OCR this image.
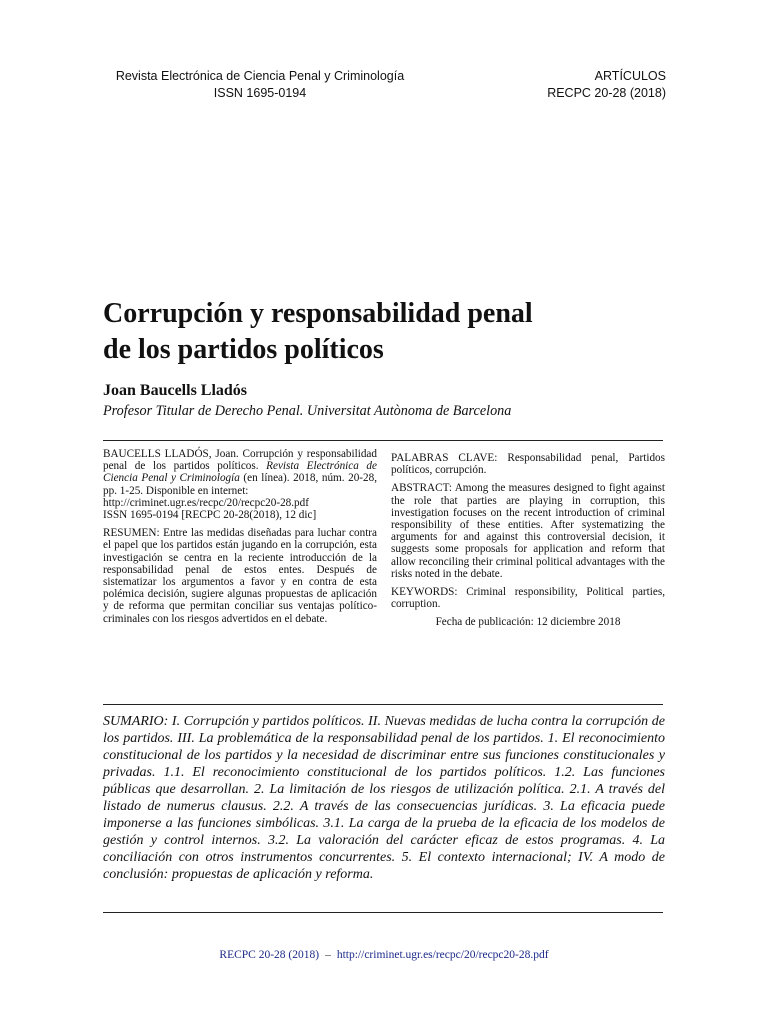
Revista Electrónica de Ciencia Penal y Criminología
ISSN 1695-0194
ARTÍCULOS
RECPC 20-28 (2018)
Corrupción y responsabilidad penal
de los partidos políticos

Joan Baucells Lladós

Profesor Titular de Derecho Penal. Universitat Autònoma de Barcelona

BAUCELLS LLADÓS, Joan. Corrupción y responsabilidad penal de los partidos políticos. Revista Electrónica de Ciencia Penal y Criminología (en línea). 2018, núm. 20-28, pp. 1-25. Disponible en internet:

http://criminet.ugr.es/recpc/20/recpc20-28.pdf

ISSN 1695-0194 [RECPC 20-28(2018), 12 dic]

RESUMEN: Entre las medidas diseñadas para luchar contra el papel que los partidos están jugando en la corrupción, esta investigación se centra en la reciente introducción de la responsabilidad penal de estos entes. Después de sistematizar los argumentos a favor y en contra de esta polémica decisión, sugiere algunas propuestas de aplicación y de reforma que permitan conciliar sus ventajas político-criminales con los riesgos advertidos en el debate.

PALABRAS CLAVE: Responsabilidad penal, Partidos políticos, corrupción.

ABSTRACT: Among the measures designed to fight against the role that parties are playing in corruption, this investigation focuses on the recent introduction of criminal responsibility of these entities. After systematizing the arguments for and against this controversial decision, it suggests some proposals for application and reform that allow reconciling their criminal political advantages with the risks noted in the debate.

KEYWORDS: Criminal responsibility, Political parties, corruption.

Fecha de publicación: 12 diciembre 2018

SUMARIO: I. Corrupción y partidos políticos. II. Nuevas medidas de lucha contra la corrupción de los partidos. III. La problemática de la responsabilidad penal de los partidos. 1. El reconocimiento constitucional de los partidos y la necesidad de discriminar entre sus funciones constitucionales y privadas. 1.1. El reconocimiento constitucional de los partidos políticos. 1.2. Las funciones públicas que desarrollan. 2. La limitación de los riesgos de utilización política. 2.1. A través del listado de numerus clausus. 2.2. A través de las consecuencias jurídicas. 3. La eficacia puede imponerse a las funciones simbólicas. 3.1. La carga de la prueba de la eficacia de los modelos de gestión y control internos. 3.2. La valoración del carácter eficaz de estos programas. 4. La conciliación con otros instrumentos concurrentes. 5. El contexto internacional; IV. A modo de conclusión: propuestas de aplicación y reforma.

RECPC 20-28 (2018) – http://criminet.ugr.es/recpc/20/recpc20-28.pdf
